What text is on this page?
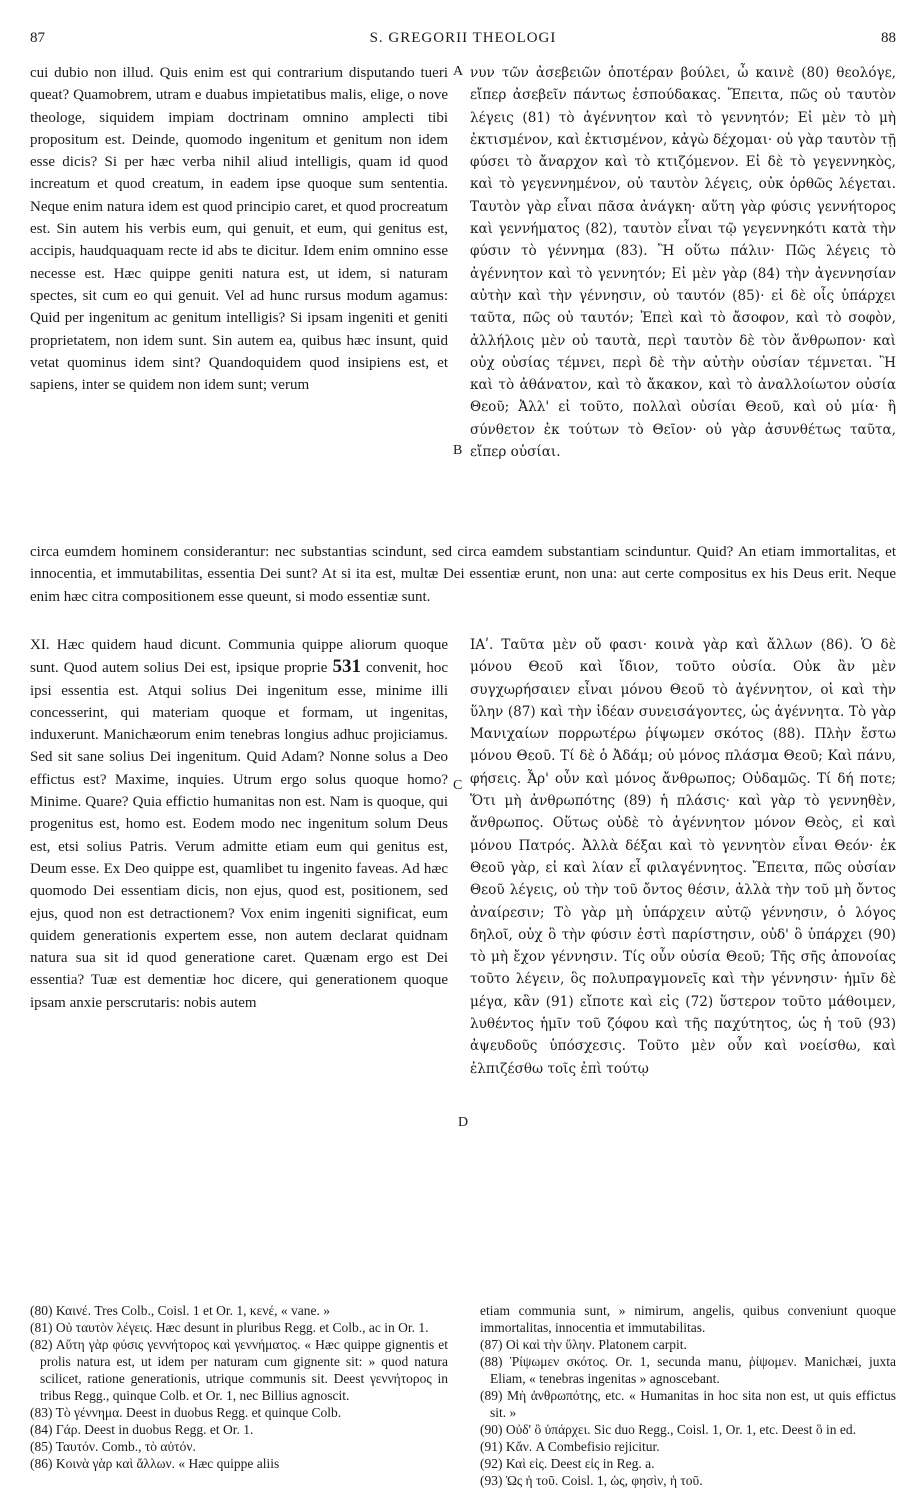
87	S. GREGORII THEOLOGI	88
A
B
C
D

cui dubio non illud. Quis enim est qui contrarium disputando tueri queat? Quamobrem, utram e duabus impietatibus malis, elige, o nove theologe, siquidem impiam doctrinam omnino amplecti tibi propositum est. Deinde, quomodo ingenitum et genitum non idem esse dicis? Si per hæc verba nihil aliud intelligis, quam id quod increatum et quod creatum, in eadem ipse quoque sum sententia. Neque enim natura idem est quod principio caret, et quod procreatum est. Sin autem his verbis eum, qui genuit, et eum, qui genitus est, accipis, haudquaquam recte id abs te dicitur. Idem enim omnino esse necesse est. Hæc quippe geniti natura est, ut idem, si naturam spectes, sit cum eo qui genuit. Vel ad hunc rursus modum agamus: Quid per ingenitum ac genitum intelligis? Si ipsam ingeniti et geniti proprietatem, non idem sunt. Sin autem ea, quibus hæc insunt, quid vetat quominus idem sint? Quandoquidem quod insipiens est, et sapiens, inter se quidem non idem sunt; verum

νυν τῶν ἀσεβειῶν ὁποτέραν βούλει, ὦ καινὲ (80) θεολόγε, εἴπερ ἀσεβεῖν πάντως ἐσπούδακας. Ἔπειτα, πῶς οὐ ταυτὸν λέγεις (81) τὸ ἀγέννητον καὶ τὸ γεννητόν; Εἰ μὲν τὸ μὴ ἐκτισμένον, καὶ ἐκτισμένον, κἀγὼ δέχομαι· οὐ γὰρ ταυτὸν τῇ φύσει τὸ ἄναρχον καὶ τὸ κτιζόμενον. Εἰ δὲ τὸ γεγεννηκὸς, καὶ τὸ γεγεννημένον, οὐ ταυτὸν λέγεις, οὐκ ὀρθῶς λέγεται. Ταυτὸν γὰρ εἶναι πᾶσα ἀνάγκη· αὕτη γὰρ φύσις γεννήτορος καὶ γεννήματος (82), ταυτὸν εἶναι τῷ γεγεννηκότι κατὰ τὴν φύσιν τὸ γέννημα (83). Ἢ οὕτω πάλιν· Πῶς λέγεις τὸ ἀγέννητον καὶ τὸ γεννητόν; Εἰ μὲν γὰρ (84) τὴν ἀγεννησίαν αὐτὴν καὶ τὴν γέννησιν, οὐ ταυτόν (85)· εἰ δὲ οἷς ὑπάρχει ταῦτα, πῶς οὐ ταυτόν; Ἐπεὶ καὶ τὸ ἄσοφον, καὶ τὸ σοφὸν, ἀλλήλοις μὲν οὐ ταυτὰ, περὶ ταυτὸν δὲ τὸν ἄνθρωπον· καὶ οὐχ οὐσίας τέμνει, περὶ δὲ τὴν αὐτὴν οὐσίαν τέμνεται. Ἢ καὶ τὸ ἀθάνατον, καὶ τὸ ἄκακον, καὶ τὸ ἀναλλοίωτον οὐσία Θεοῦ; Ἀλλ' εἰ τοῦτο, πολλαὶ οὐσίαι Θεοῦ, καὶ οὐ μία· ἢ σύνθετον ἐκ τούτων τὸ Θεῖον· οὐ γὰρ ἀσυνθέτως ταῦτα, εἴπερ οὐσίαι.

circa eumdem hominem considerantur: nec substantias scindunt, sed circa eamdem substantiam scinduntur. Quid? An etiam immortalitas, et innocentia, et immutabilitas, essentia Dei sunt? At si ita est, multæ Dei essentiæ erunt, non una: aut certe compositus ex his Deus erit. Neque enim hæc citra compositionem esse queunt, si modo essentiæ sunt.

XI. Hæc quidem haud dicunt. Communia quippe aliorum quoque sunt. Quod autem solius Dei est, ipsique proprie 531 convenit, hoc ipsi essentia est. Atqui solius Dei ingenitum esse, minime illi concesserint, qui materiam quoque et formam, ut ingenitas, induxerunt. Manichæorum enim tenebras longius adhuc projiciamus. Sed sit sane solius Dei ingenitum. Quid Adam? Nonne solus a Deo effictus est? Maxime, inquies. Utrum ergo solus quoque homo? Minime. Quare? Quia effictio humanitas non est. Nam is quoque, qui progenitus est, homo est. Eodem modo nec ingenitum solum Deus est, etsi solius Patris. Verum admitte etiam eum qui genitus est, Deum esse. Ex Deo quippe est, quamlibet tu ingenito faveas. Ad hæc quomodo Dei essentiam dicis, non ejus, quod est, positionem, sed ejus, quod non est detractionem? Vox enim ingeniti significat, eum quidem generationis expertem esse, non autem declarat quidnam natura sua sit id quod generatione caret. Quænam ergo est Dei essentia? Tuæ est dementiæ hoc dicere, qui generationem quoque ipsam anxie perscrutaris: nobis autem

ΙΑʹ. Ταῦτα μὲν οὔ φασι· κοινὰ γὰρ καὶ ἄλλων (86). Ὁ δὲ μόνου Θεοῦ καὶ ἴδιον, τοῦτο οὐσία. Οὐκ ἂν μὲν συγχωρήσαιεν εἶναι μόνου Θεοῦ τὸ ἀγέννητον, οἱ καὶ τὴν ὕλην (87) καὶ τὴν ἰδέαν συνεισάγοντες, ὡς ἀγέννητα. Τὸ γὰρ Μανιχαίων πορρωτέρω ῥίψωμεν σκότος (88). Πλὴν ἔστω μόνου Θεοῦ. Τί δὲ ὁ Ἀδάμ; οὐ μόνος πλάσμα Θεοῦ; Καὶ πάνυ, φήσεις. Ἆρ' οὖν καὶ μόνος ἄνθρωπος; Οὐδαμῶς. Τί δή ποτε; Ὅτι μὴ ἀνθρωπότης (89) ἡ πλάσις· καὶ γὰρ τὸ γεννηθὲν, ἄνθρωπος. Οὕτως οὐδὲ τὸ ἀγέννητον μόνον Θεὸς, εἰ καὶ μόνου Πατρός. Ἀλλὰ δέξαι καὶ τὸ γεννητὸν εἶναι Θεόν· ἐκ Θεοῦ γὰρ, εἰ καὶ λίαν εἶ φιλαγέννητος. Ἔπειτα, πῶς οὐσίαν Θεοῦ λέγεις, οὐ τὴν τοῦ ὄντος θέσιν, ἀλλὰ τὴν τοῦ μὴ ὄντος ἀναίρεσιν; Τὸ γὰρ μὴ ὑπάρχειν αὐτῷ γέννησιν, ὁ λόγος δηλοῖ, οὐχ ὃ τὴν φύσιν ἐστὶ παρίστησιν, οὐδ' ὃ ὑπάρχει (90) τὸ μὴ ἔχον γέννησιν. Τίς οὖν οὐσία Θεοῦ; Τῆς σῆς ἀπονοίας τοῦτο λέγειν, ὃς πολυπραγμονεῖς καὶ τὴν γέννησιν· ἡμῖν δὲ μέγα, κἂν (91) εἴποτε καὶ εἰς (72) ὕστερον τοῦτο μάθοιμεν, λυθέντος ἡμῖν τοῦ ζόφου καὶ τῆς παχύτητος, ὡς ἡ τοῦ (93) ἀψευδοῦς ὑπόσχεσις. Τοῦτο μὲν οὖν καὶ νοείσθω, καὶ ἐλπιζέσθω τοῖς ἐπὶ τούτῳ

(80) Καινέ. Tres Colb., Coisl. 1 et Or. 1, κενέ, « vane. »

(81) Οὐ ταυτὸν λέγεις. Hæc desunt in pluribus Regg. et Colb., ac in Or. 1.

(82) Αὕτη γὰρ φύσις γεννήτορος καὶ γεννήματος. « Hæc quippe gignentis et prolis natura est, ut idem per naturam cum gignente sit: » quod natura scilicet, ratione generationis, utrique communis sit. Deest γεννήτορος in tribus Regg., quinque Colb. et Or. 1, nec Billius agnoscit.

(83) Τὸ γέννημα. Deest in duobus Regg. et quinque Colb.

(84) Γάρ. Deest in duobus Regg. et Or. 1.

(85) Ταυτόν. Comb., τὸ αὐτόν.

(86) Κοινὰ γὰρ καὶ ἄλλων. « Hæc quippe aliis

etiam communia sunt, » nimirum, angelis, quibus conveniunt quoque immortalitas, innocentia et immutabilitas.

(87) Οἱ καὶ τὴν ὕλην. Platonem carpit.

(88) Ῥίψωμεν σκότος. Or. 1, secunda manu, ῥίψομεν. Manichæi, juxta Eliam, « tenebras ingenitas » agnoscebant.

(89) Μὴ ἀνθρωπότης, etc. « Humanitas in hoc sita non est, ut quis effictus sit. »

(90) Οὐδ' ὃ ὑπάρχει. Sic duo Regg., Coisl. 1, Or. 1, etc. Deest ὃ in ed.

(91) Κἄν. A Combefisio rejicitur.

(92) Καὶ εἰς. Deest εἰς in Reg. a.

(93) Ὡς ἡ τοῦ. Coisl. 1, ὡς, φησὶν, ἡ τοῦ.
